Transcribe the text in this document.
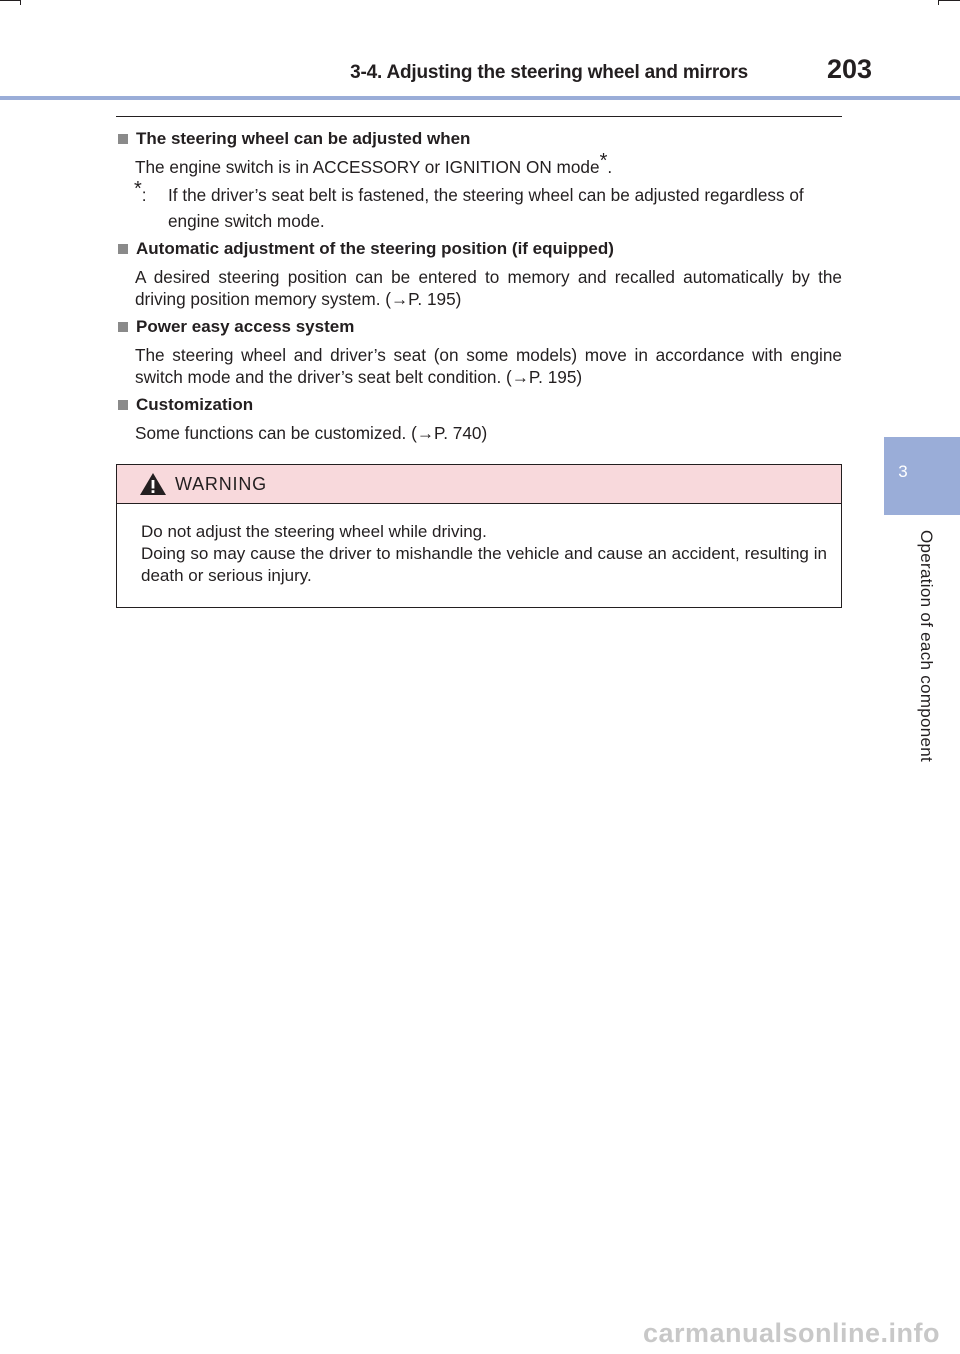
3-4. Adjusting the steering wheel and mirrors	203
3
Operation of each component
The steering wheel can be adjusted when
The engine switch is in ACCESSORY or IGNITION ON mode*.
*:	If the driver’s seat belt is fastened, the steering wheel can be adjusted regardless of
engine switch mode.
Automatic adjustment of the steering position (if equipped)
A desired steering position can be entered to memory and recalled automatically by the driving position memory system. (→P. 195)
Power easy access system
The steering wheel and driver’s seat (on some models) move in accordance with engine switch mode and the driver’s seat belt condition. (→P. 195)
Customization
Some functions can be customized. (→P. 740)
WARNING
Do not adjust the steering wheel while driving.
Doing so may cause the driver to mishandle the vehicle and cause an accident, resulting in death or serious injury.
carmanualsonline.info
